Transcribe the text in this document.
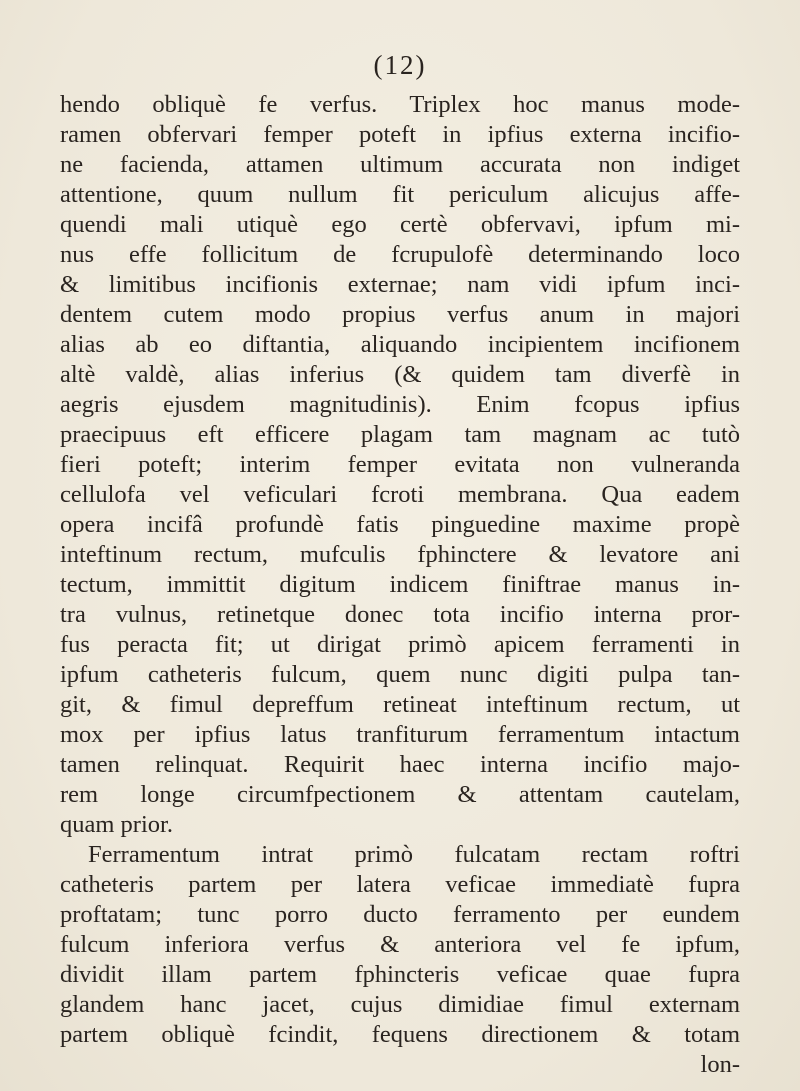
(12)
hendo obliquè fe verfus. Triplex hoc manus mode-
ramen obfervari femper poteft in ipfius externa incifio-
ne facienda, attamen ultimum accurata non indiget
attentione, quum nullum fit periculum alicujus affe-
quendi mali utiquè ego certè obfervavi, ipfum mi-
nus effe follicitum de fcrupulofè determinando loco
& limitibus incifionis externae; nam vidi ipfum inci-
dentem cutem modo propius verfus anum in majori
alias ab eo diftantia, aliquando incipientem incifionem
altè valdè, alias inferius (& quidem tam diverfè in
aegris ejusdem magnitudinis). Enim fcopus ipfius
praecipuus eft efficere plagam tam magnam ac tutò
fieri poteft; interim femper evitata non vulneranda
cellulofa vel veficulari fcroti membrana. Qua eadem
opera incifâ profundè fatis pinguedine maxime propè
inteftinum rectum, mufculis fphinctere & levatore ani
tectum, immittit digitum indicem finiftrae manus in-
tra vulnus, retinetque donec tota incifio interna pror-
fus peracta fit; ut dirigat primò apicem ferramenti in
ipfum catheteris fulcum, quem nunc digiti pulpa tan-
git, & fimul depreffum retineat inteftinum rectum, ut
mox per ipfius latus tranfiturum ferramentum intactum
tamen relinquat. Requirit haec interna incifio majo-
rem longe circumfpectionem & attentam cautelam,
quam prior.
Ferramentum intrat primò fulcatam rectam roftri
catheteris partem per latera veficae immediatè fupra
proftatam; tunc porro ducto ferramento per eundem
fulcum inferiora verfus & anteriora vel fe ipfum,
dividit illam partem fphincteris veficae quae fupra
glandem hanc jacet, cujus dimidiae fimul externam
partem obliquè fcindit, fequens directionem & totam
lon-
